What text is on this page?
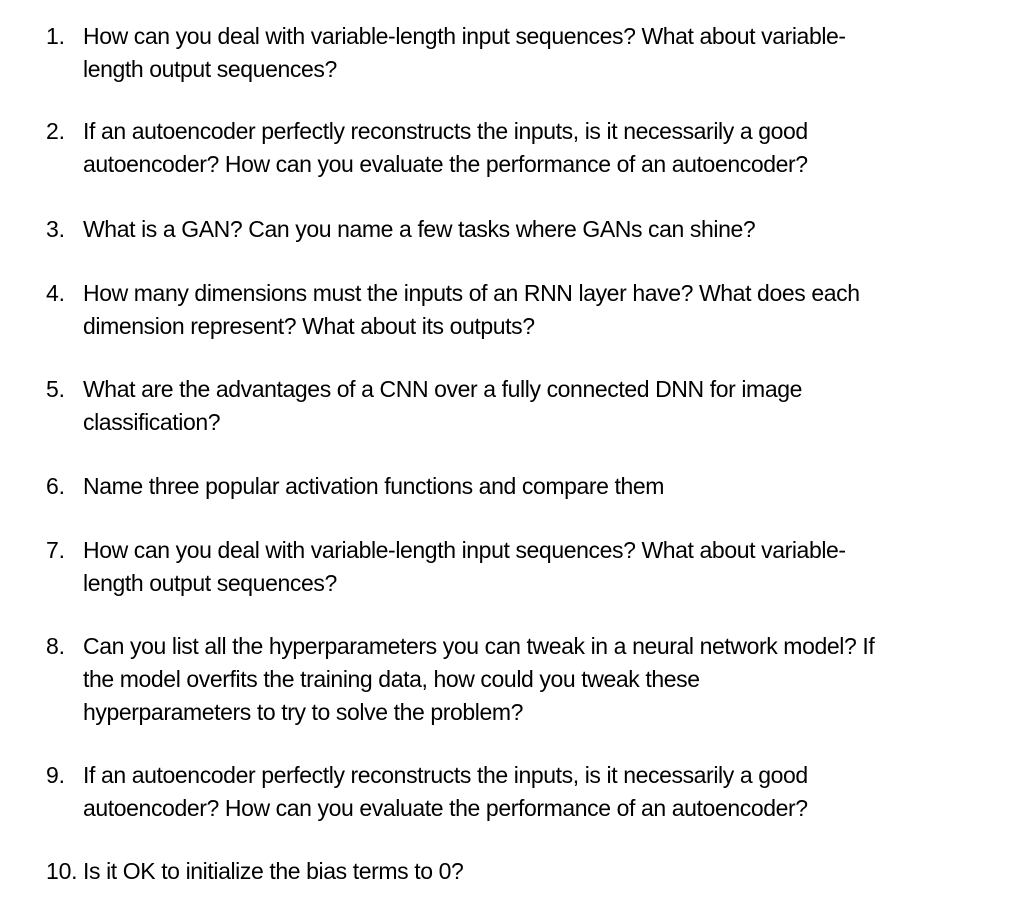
1. How can you deal with variable-length input sequences? What about variable-
length output sequences?
2. If an autoencoder perfectly reconstructs the inputs, is it necessarily a good
autoencoder? How can you evaluate the performance of an autoencoder?
3. What is a GAN? Can you name a few tasks where GANs can shine?
4. How many dimensions must the inputs of an RNN layer have? What does each
dimension represent? What about its outputs?
5. What are the advantages of a CNN over a fully connected DNN for image
classification?
6. Name three popular activation functions and compare them
7. How can you deal with variable-length input sequences? What about variable-
length output sequences?
8. Can you list all the hyperparameters you can tweak in a neural network model? If
the model overfits the training data, how could you tweak these
hyperparameters to try to solve the problem?
9. If an autoencoder perfectly reconstructs the inputs, is it necessarily a good
autoencoder? How can you evaluate the performance of an autoencoder?
10. Is it OK to initialize the bias terms to 0?
